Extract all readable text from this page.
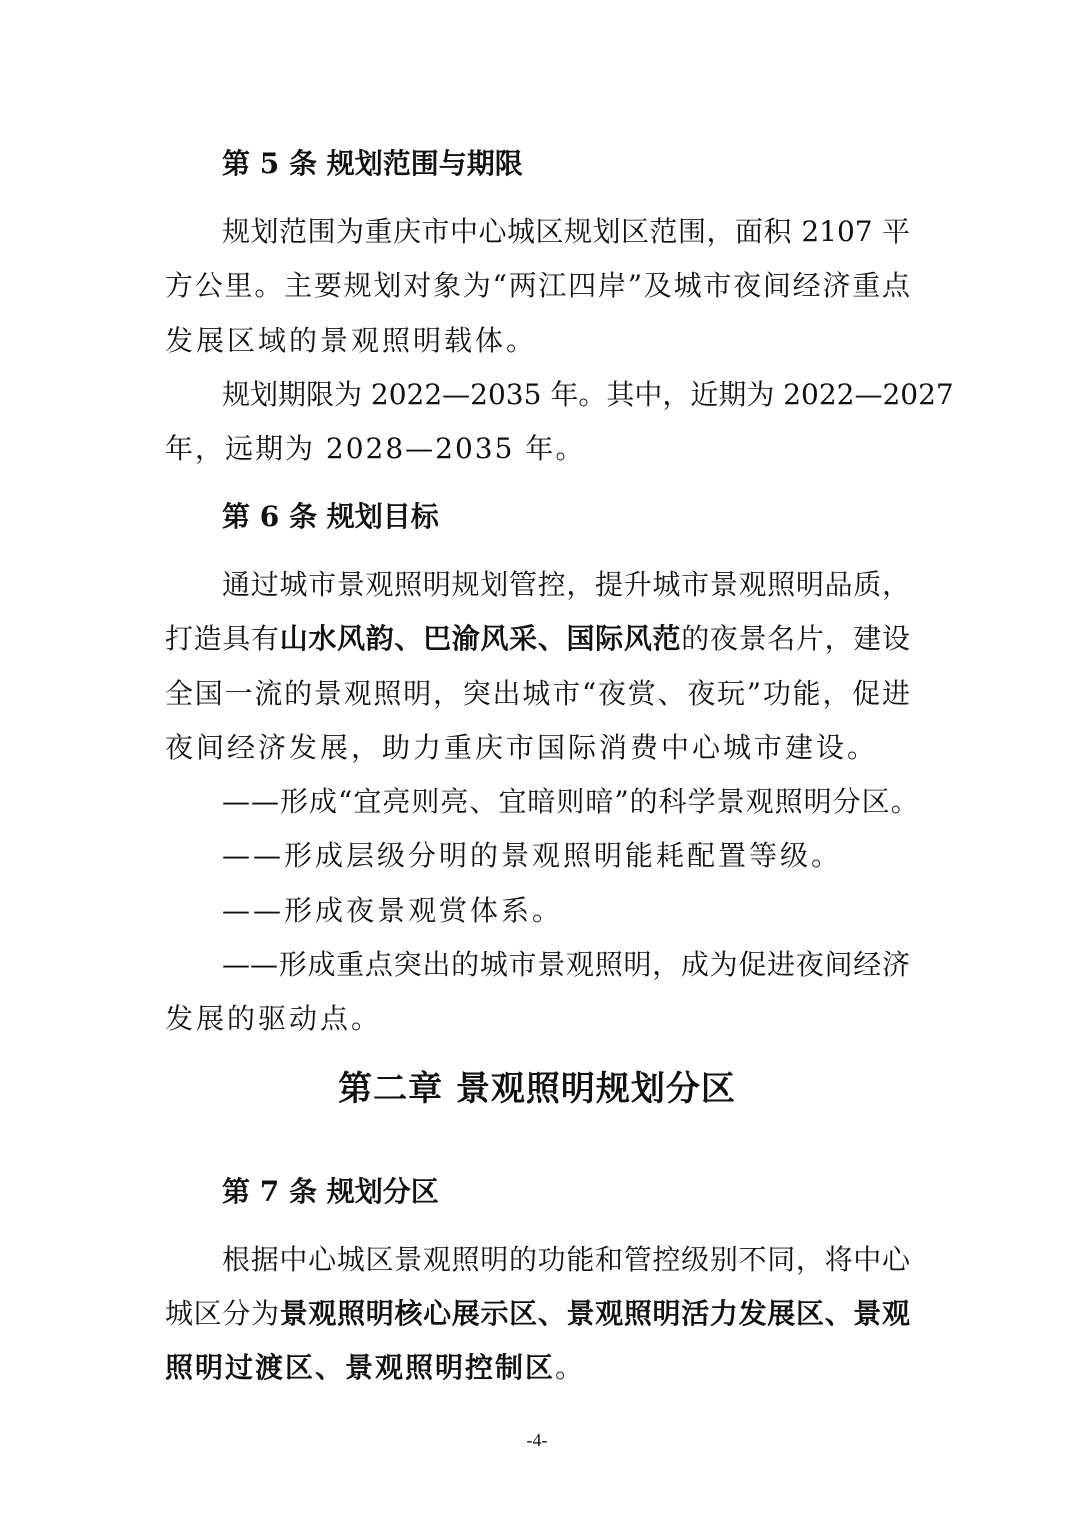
第 5 条 规划范围与期限
规划范围为重庆市中心城区规划区范围，面积 2107 平
方公里。主要规划对象为“两江四岸”及城市夜间经济重点
发展区域的景观照明载体。
规划期限为 2022—2035 年。其中，近期为 2022—2027
年，远期为 2028—2035 年。
第 6 条 规划目标
通过城市景观照明规划管控，提升城市景观照明品质，
打造具有山水风韵、巴渝风采、国际风范的夜景名片，建设
全国一流的景观照明，突出城市“夜赏、夜玩”功能，促进
夜间经济发展，助力重庆市国际消费中心城市建设。
——形成“宜亮则亮、宜暗则暗”的科学景观照明分区。
——形成层级分明的景观照明能耗配置等级。
——形成夜景观赏体系。
——形成重点突出的城市景观照明，成为促进夜间经济
发展的驱动点。
第二章 景观照明规划分区
第 7 条 规划分区
根据中心城区景观照明的功能和管控级别不同，将中心
城区分为景观照明核心展示区、景观照明活力发展区、景观
照明过渡区、景观照明控制区。
-4-
